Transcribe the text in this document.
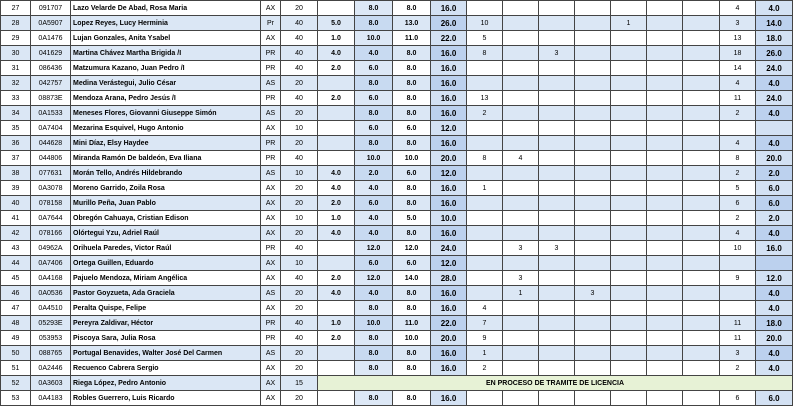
27	091707	Lazo Velarde De Abad, Rosa Maria	AX	20		8.0	8.0	16.0								4	4.0	
28	0A5907	Lopez Reyes, Lucy Herminia	Pr	40	5.0	8.0	13.0	26.0	10				1			3	14.0	
29	0A1476	Lujan Gonzales, Anita Ysabel	AX	40	1.0	10.0	11.0	22.0	5							13	18.0	
30	041629	Martina Chávez Martha Brigida /I	PR	40	4.0	4.0	8.0	16.0	8		3					18	26.0	
31	086436	Matzumura Kazano, Juan Pedro /I	PR	40	2.0	6.0	8.0	16.0								14	24.0	
32	042757	Medina Verástegui, Julio César	AS	20		8.0	8.0	16.0								4	4.0	
33	08873E	Mendoza Arana, Pedro Jesús /I	PR	40	2.0	6.0	8.0	16.0	13							11	24.0	
34	0A1533	Meneses Flores, Giovanni Giuseppe Simón	AS	20		8.0	8.0	16.0	2							2	4.0	
35	0A7404	Mezarina Esquivel, Hugo Antonio	AX	10		6.0	6.0	12.0										
36	044628	Mini Díaz, Elsy Haydee	PR	20		8.0	8.0	16.0								4	4.0	
37	044806	Miranda Ramón De baldeón, Eva Iliana	PR	40		10.0	10.0	20.0	8	4						8	20.0	
38	077631	Morán Tello, Andrés Hildebrando	AS	10	4.0	2.0	6.0	12.0								2	2.0	
39	0A3078	Moreno Garrido, Zoila Rosa	AX	20	4.0	4.0	8.0	16.0	1							5	6.0	
40	078158	Murillo Peña, Juan Pablo	AX	20	2.0	6.0	8.0	16.0								6	6.0	
41	0A7644	Obregón Cahuaya, Cristian Edison	AX	10	1.0	4.0	5.0	10.0								2	2.0	
42	078166	Olórtegui Yzu, Adriel Raúl	AX	20	4.0	4.0	8.0	16.0								4	4.0	
43	04962A	Orihuela Paredes, Victor Raúl	PR	40		12.0	12.0	24.0		3	3					10	16.0	
44	0A7406	Ortega Guillen, Eduardo	AX	10		6.0	6.0	12.0										
45	0A4168	Pajuelo Mendoza, Miriam Angélica	AX	40	2.0	12.0	14.0	28.0		3						9	12.0	
46	0A0536	Pastor Goyzueta, Ada Graciela	AS	20	4.0	4.0	8.0	16.0		1		3					4.0	
47	0A4510	Peralta Quispe, Felipe	AX	20		8.0	8.0	16.0	4								4.0	
48	05293E	Pereyra Zaldivar, Héctor	PR	40	1.0	10.0	11.0	22.0	7							11	18.0	
49	053953	Piscoya Sara, Julia Rosa	PR	40	2.0	8.0	10.0	20.0	9							11	20.0	
50	088765	Portugal Benavides, Walter José Del Carmen	AS	20		8.0	8.0	16.0	1							3	4.0	
51	0A2446	Recuenco Cabrera Sergio	AX	20		8.0	8.0	16.0	2							2	4.0	
52	0A3603	Riega López, Pedro Antonio	AX	15	EN PROCESO DE TRAMITE DE LICENCIA													
53	0A4183	Robles Guerrero, Luis Ricardo	AX	20		8.0	8.0	16.0								6	6.0	
